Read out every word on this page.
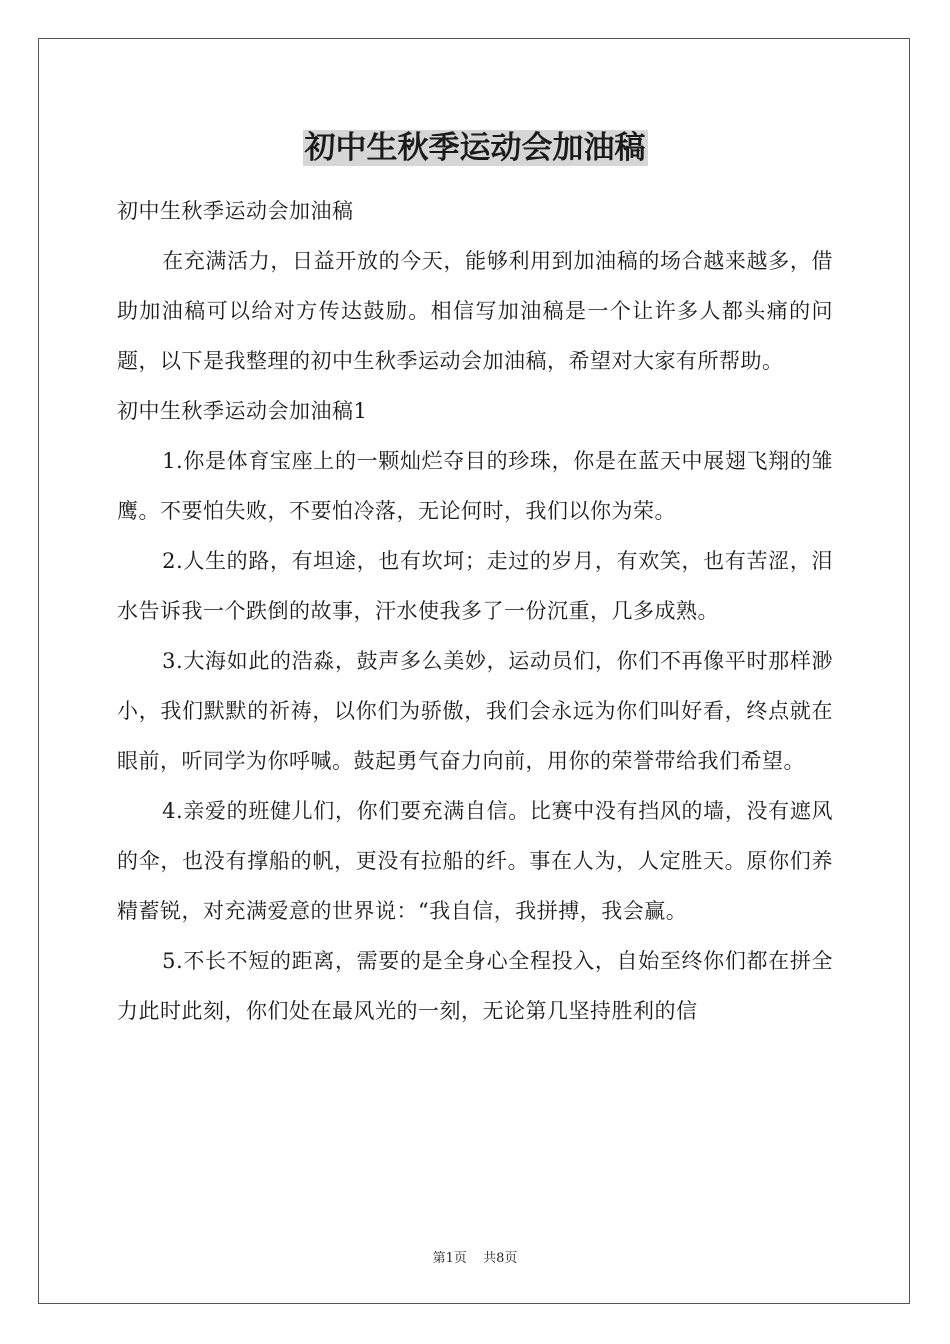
初中生秋季运动会加油稿

初中生秋季运动会加油稿

在充满活力，日益开放的今天，能够利用到加油稿的场合越来越多，借助加油稿可以给对方传达鼓励。相信写加油稿是一个让许多人都头痛的问题，以下是我整理的初中生秋季运动会加油稿，希望对大家有所帮助。

初中生秋季运动会加油稿1

1.你是体育宝座上的一颗灿烂夺目的珍珠，你是在蓝天中展翅飞翔的雏鹰。不要怕失败，不要怕冷落，无论何时，我们以你为荣。

2.人生的路，有坦途，也有坎坷；走过的岁月，有欢笑，也有苦涩，泪水告诉我一个跌倒的故事，汗水使我多了一份沉重，几多成熟。

3.大海如此的浩淼，鼓声多么美妙，运动员们，你们不再像平时那样渺小，我们默默的祈祷，以你们为骄傲，我们会永远为你们叫好看，终点就在眼前，听同学为你呼喊。鼓起勇气奋力向前，用你的荣誉带给我们希望。

4.亲爱的班健儿们，你们要充满自信。比赛中没有挡风的墙，没有遮风的伞，也没有撑船的帆，更没有拉船的纤。事在人为，人定胜天。原你们养精蓄锐，对充满爱意的世界说：“我自信，我拼搏，我会赢。

5.不长不短的距离，需要的是全身心全程投入，自始至终你们都在拼全力此时此刻，你们处在最风光的一刻，无论第几坚持胜利的信

第1页 共8页
